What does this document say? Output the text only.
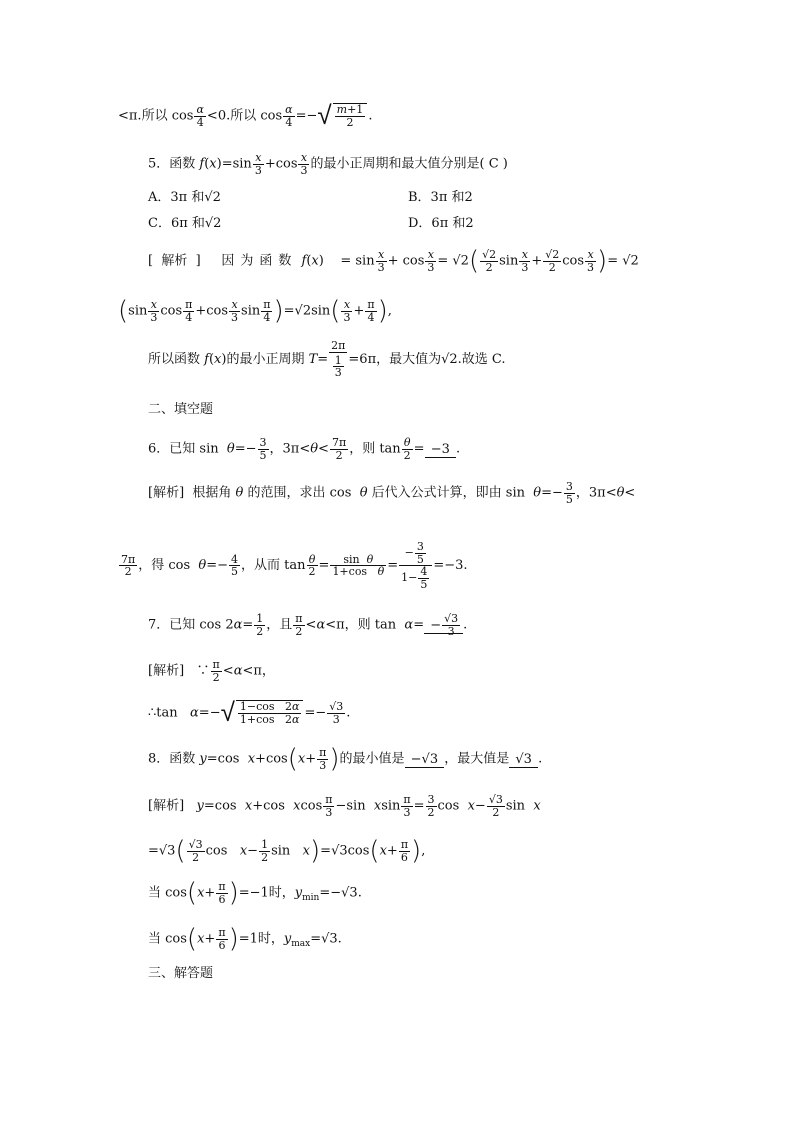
<π.所以 $\cos \frac{\alpha}{4} <0$.所以 $\cos \frac{\alpha}{4}$ =−√ $\frac{m+1}{2}$ .
5．函数 $f(x)=\sin \frac{x}{3} +\cos \frac{x}{3}$ 的最小正周期和最大值分别是( C )
A．3π 和√2	B．3π 和2
C．6π 和√2	D．6π 和2
[  解析  ]     因为函数 f(x)    = $\sin \frac{x}{3} + \cos \frac{x}{3} = √2( \frac{√2}{2}$ $\sin \frac{x}{3} + \frac{√2}{2}$ $\cos \frac{x}{3}$ )= √2
($\sin \frac{x}{3}$ $\cos \frac{\pi}{4} +\cos \frac{x}{3}$ $\sin \frac{\pi}{4} )=√2\sin( \frac{x}{3} + \frac{\pi}{4}$ ),
所以函数 f(x)的最小正周期 $T= \frac{2\pi}{\frac{1}{3}} =6\pi$，最大值为√2.故选 C.
二、填空题
6．已知 $\sin \theta=- \frac{3}{5}$ ，$3\pi<\theta< \frac{7\pi}{2}$ ，则 $\tan \frac{\theta}{2} = -3$ .
[解析]  根据角 θ 的范围，求出 cos  θ 后代入公式计算，即由 $\sin \theta=- \frac{3}{5}$ ，3π<θ<
$\frac{7\pi}{2}$ ，得 $\cos \theta=- \frac{4}{5}$ ，从而 $\tan \frac{\theta}{2} = \frac{\text{sin  θ}}{\text{1+cos   θ}} = \frac{- \frac{3}{5}}{1- \frac{4}{5}} =-3$.
7．已知 $\cos 2\alpha= \frac{1}{2}$ ，且 $\frac{\pi}{2} <\alpha<\pi$，则 $\tan \alpha= - \frac{√3}{3}$ .
[解析]   ∵ $\frac{\pi}{2} <\alpha<\pi$，
∴tan   $\alpha=-√ \frac{1-\cos 2\alpha}{1+\cos 2\alpha} =- \frac{√3}{3}$ .
8．函数 y=cos  $x+\cos(x+ \frac{\pi}{3}$ )的最小值是 −√3 ，最大值是 √3 .
[解析]   y=cos  x+cos  xcos $\frac{\pi}{3} -\sin$  xsin $\frac{\pi}{3} = \frac{3}{2}$ $\cos x- \frac{√3}{2}$ sin  x
$=√3( \frac{√3}{2}$ $\cos x- \frac{1}{2}$ $\sin x)=√3\cos(x+ \frac{\pi}{6}$ ),
当 $\cos(x+ \frac{\pi}{6} )=-1$时，$y_{min}=-√3$.
当 $\cos(x+ \frac{\pi}{6} )=1$时，$y_{max}=√3$.
三、解答题
